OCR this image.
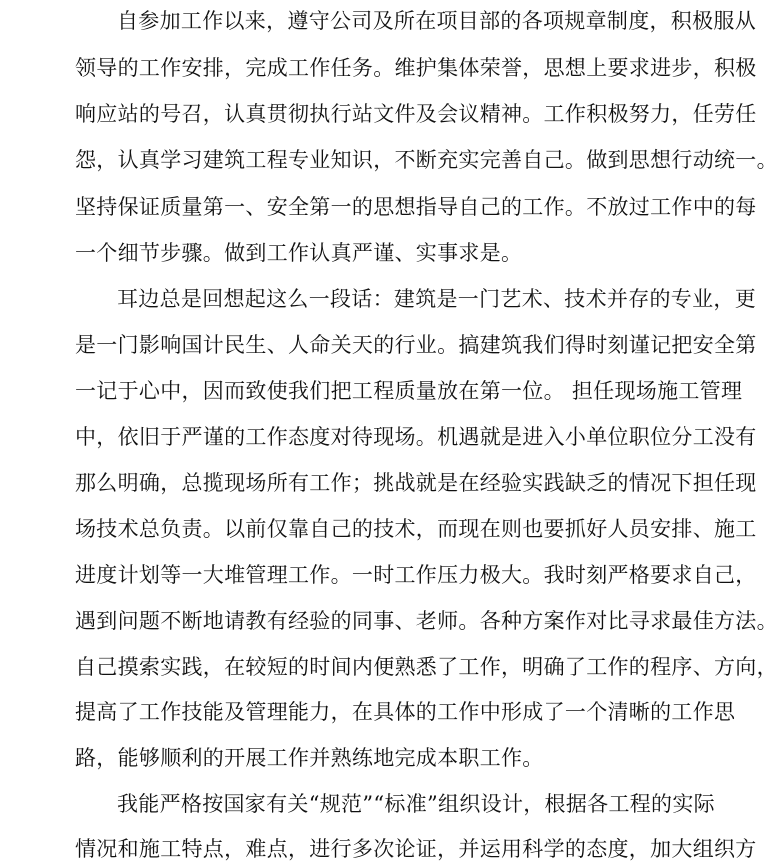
自参加工作以来，遵守公司及所在项目部的各项规章制度，积极服从
领导的工作安排，完成工作任务。维护集体荣誉，思想上要求进步，积极
响应站的号召，认真贯彻执行站文件及会议精神。工作积极努力，任劳任
怨，认真学习建筑工程专业知识，不断充实完善自己。做到思想行动统一。
坚持保证质量第一、安全第一的思想指导自己的工作。不放过工作中的每
一个细节步骤。做到工作认真严谨、实事求是。
耳边总是回想起这么一段话：建筑是一门艺术、技术并存的专业，更
是一门影响国计民生、人命关天的行业。搞建筑我们得时刻谨记把安全第
一记于心中，因而致使我们把工程质量放在第一位。 担任现场施工管理
中，依旧于严谨的工作态度对待现场。机遇就是进入小单位职位分工没有
那么明确，总揽现场所有工作；挑战就是在经验实践缺乏的情况下担任现
场技术总负责。以前仅靠自己的技术，而现在则也要抓好人员安排、施工
进度计划等一大堆管理工作。一时工作压力极大。我时刻严格要求自己，
遇到问题不断地请教有经验的同事、老师。各种方案作对比寻求最佳方法。
自己摸索实践，在较短的时间内便熟悉了工作，明确了工作的程序、方向，
提高了工作技能及管理能力，在具体的工作中形成了一个清晰的工作思
路，能够顺利的开展工作并熟练地完成本职工作。
我能严格按国家有关“规范”“标准”组织设计，根据各工程的实际
情况和施工特点，难点，进行多次论证，并运用科学的态度，加大组织方
